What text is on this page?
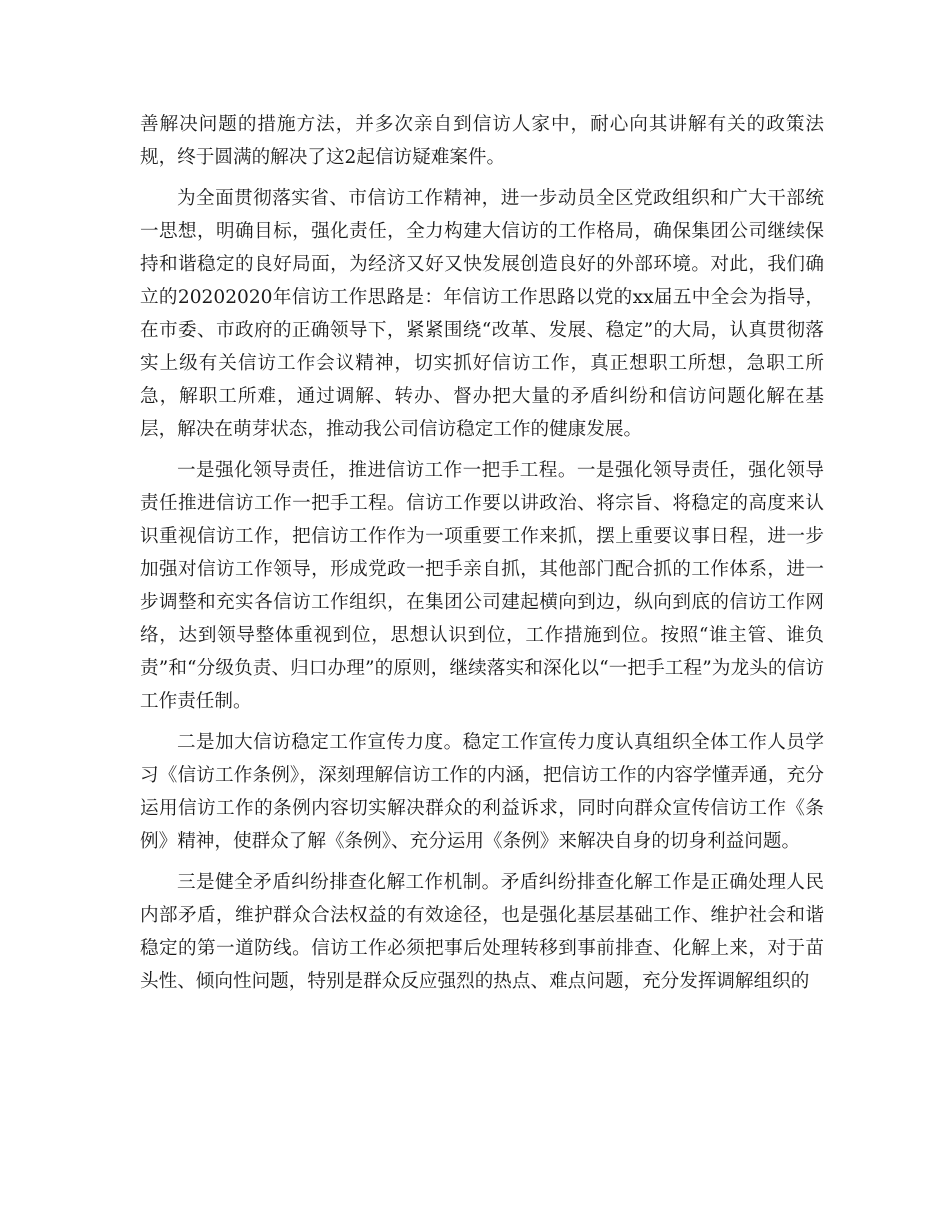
善解决问题的措施方法，并多次亲自到信访人家中，耐心向其讲解有关的政策法规，终于圆满的解决了这2起信访疑难案件。

为全面贯彻落实省、市信访工作精神，进一步动员全区党政组织和广大干部统一思想，明确目标，强化责任，全力构建大信访的工作格局，确保集团公司继续保持和谐稳定的良好局面，为经济又好又快发展创造良好的外部环境。对此，我们确立的20202020年信访工作思路是：年信访工作思路以党的xx届五中全会为指导，在市委、市政府的正确领导下，紧紧围绕“改革、发展、稳定”的大局，认真贯彻落实上级有关信访工作会议精神，切实抓好信访工作，真正想职工所想，急职工所急，解职工所难，通过调解、转办、督办把大量的矛盾纠纷和信访问题化解在基层，解决在萌芽状态，推动我公司信访稳定工作的健康发展。

一是强化领导责任，推进信访工作一把手工程。一是强化领导责任，强化领导责任推进信访工作一把手工程。信访工作要以讲政治、将宗旨、将稳定的高度来认识重视信访工作，把信访工作作为一项重要工作来抓，摆上重要议事日程，进一步加强对信访工作领导，形成党政一把手亲自抓，其他部门配合抓的工作体系，进一步调整和充实各信访工作组织，在集团公司建起横向到边，纵向到底的信访工作网络，达到领导整体重视到位，思想认识到位，工作措施到位。按照“谁主管、谁负责”和“分级负责、归口办理”的原则，继续落实和深化以“一把手工程”为龙头的信访工作责任制。

二是加大信访稳定工作宣传力度。稳定工作宣传力度认真组织全体工作人员学习《信访工作条例》，深刻理解信访工作的内涵，把信访工作的内容学懂弄通，充分运用信访工作的条例内容切实解决群众的利益诉求，同时向群众宣传信访工作《条例》精神，使群众了解《条例》、充分运用《条例》来解决自身的切身利益问题。

三是健全矛盾纠纷排查化解工作机制。矛盾纠纷排查化解工作是正确处理人民内部矛盾，维护群众合法权益的有效途径，也是强化基层基础工作、维护社会和谐稳定的第一道防线。信访工作必须把事后处理转移到事前排查、化解上来，对于苗头性、倾向性问题，特别是群众反应强烈的热点、难点问题，充分发挥调解组织的
